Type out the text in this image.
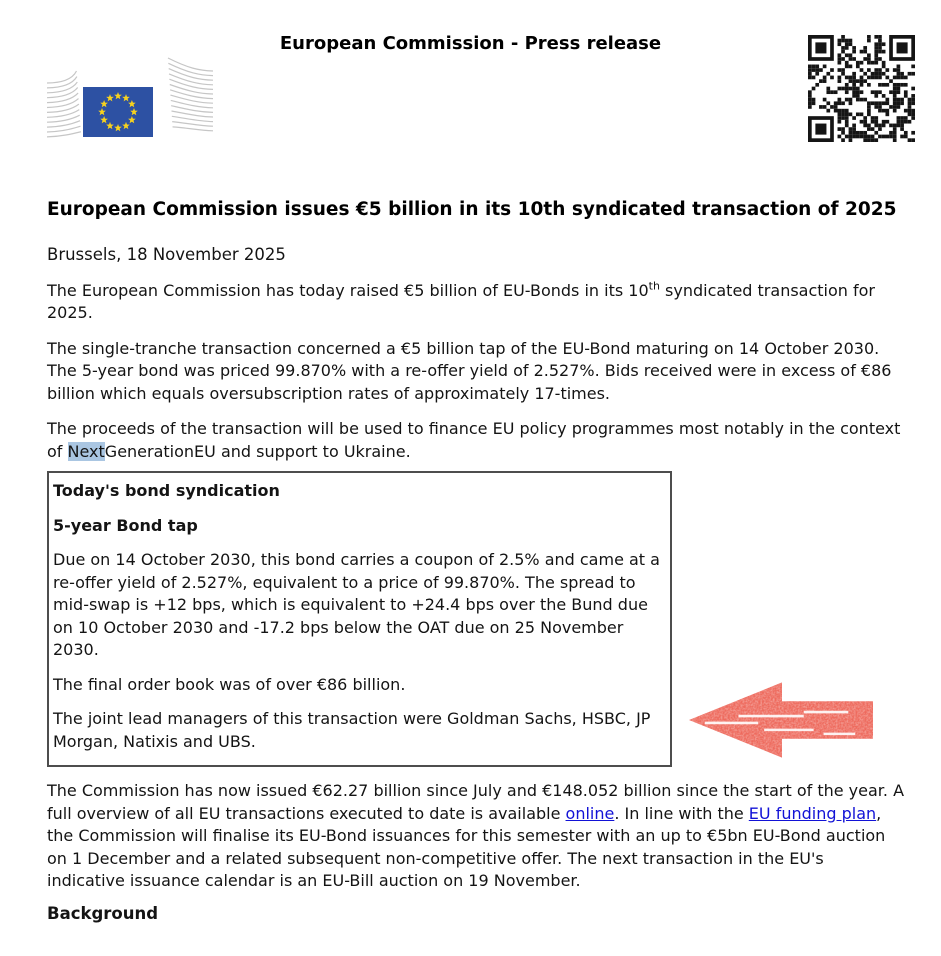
European Commission - Press release
European Commission issues €5 billion in its 10th syndicated transaction of 2025

Brussels, 18 November 2025

The European Commission has today raised €5 billion of EU-Bonds in its 10th syndicated transaction for 2025.

The single-tranche transaction concerned a €5 billion tap of the EU-Bond maturing on 14 October 2030. The 5-year bond was priced 99.870% with a re-offer yield of 2.527%. Bids received were in excess of €86 billion which equals oversubscription rates of approximately 17-times.

The proceeds of the transaction will be used to finance EU policy programmes most notably in the context of NextGenerationEU and support to Ukraine.

Today's bond syndication

5-year Bond tap

Due on 14 October 2030, this bond carries a coupon of 2.5% and came at a re-offer yield of 2.527%, equivalent to a price of 99.870%. The spread to mid-swap is +12 bps, which is equivalent to +24.4 bps over the Bund due on 10 October 2030 and -17.2 bps below the OAT due on 25 November 2030.

The final order book was of over €86 billion.

The joint lead managers of this transaction were Goldman Sachs, HSBC, JP Morgan, Natixis and UBS.

The Commission has now issued €62.27 billion since July and €148.052 billion since the start of the year. A full overview of all EU transactions executed to date is available online. In line with the EU funding plan, the Commission will finalise its EU-Bond issuances for this semester with an up to €5bn EU-Bond auction on 1 December and a related subsequent non-competitive offer. The next transaction in the EU's indicative issuance calendar is an EU-Bill auction on 19 November.

Background
